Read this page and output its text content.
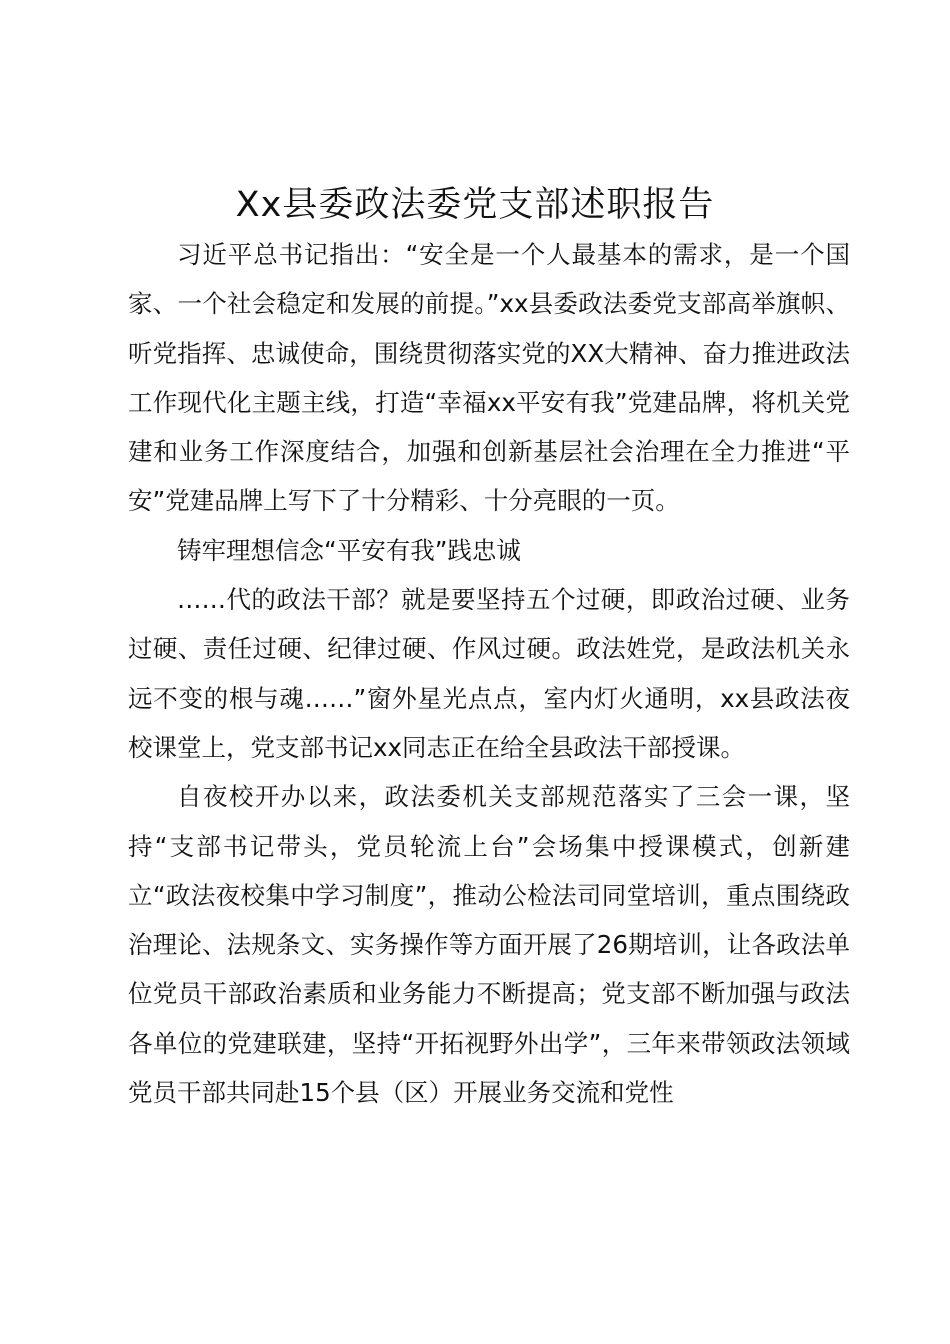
Xx县委政法委党支部述职报告

习近平总书记指出：“安全是一个人最基本的需求，是一个国家、一个社会稳定和发展的前提。”xx县委政法委党支部高举旗帜、听党指挥、忠诚使命，围绕贯彻落实党的XX大精神、奋力推进政法工作现代化主题主线，打造“幸福xx平安有我”党建品牌，将机关党建和业务工作深度结合，加强和创新基层社会治理在全力推进“平安”党建品牌上写下了十分精彩、十分亮眼的一页。

铸牢理想信念“平安有我”践忠诚

……代的政法干部？就是要坚持五个过硬，即政治过硬、业务过硬、责任过硬、纪律过硬、作风过硬。政法姓党，是政法机关永远不变的根与魂……”窗外星光点点，室内灯火通明，xx县政法夜校课堂上，党支部书记xx同志正在给全县政法干部授课。

自夜校开办以来，政法委机关支部规范落实了三会一课，坚持“支部书记带头，党员轮流上台”会场集中授课模式，创新建立“政法夜校集中学习制度”，推动公检法司同堂培训，重点围绕政治理论、法规条文、实务操作等方面开展了26期培训，让各政法单位党员干部政治素质和业务能力不断提高；党支部不断加强与政法各单位的党建联建，坚持“开拓视野外出学”，三年来带领政法领域党员干部共同赴15个县（区）开展业务交流和党性
